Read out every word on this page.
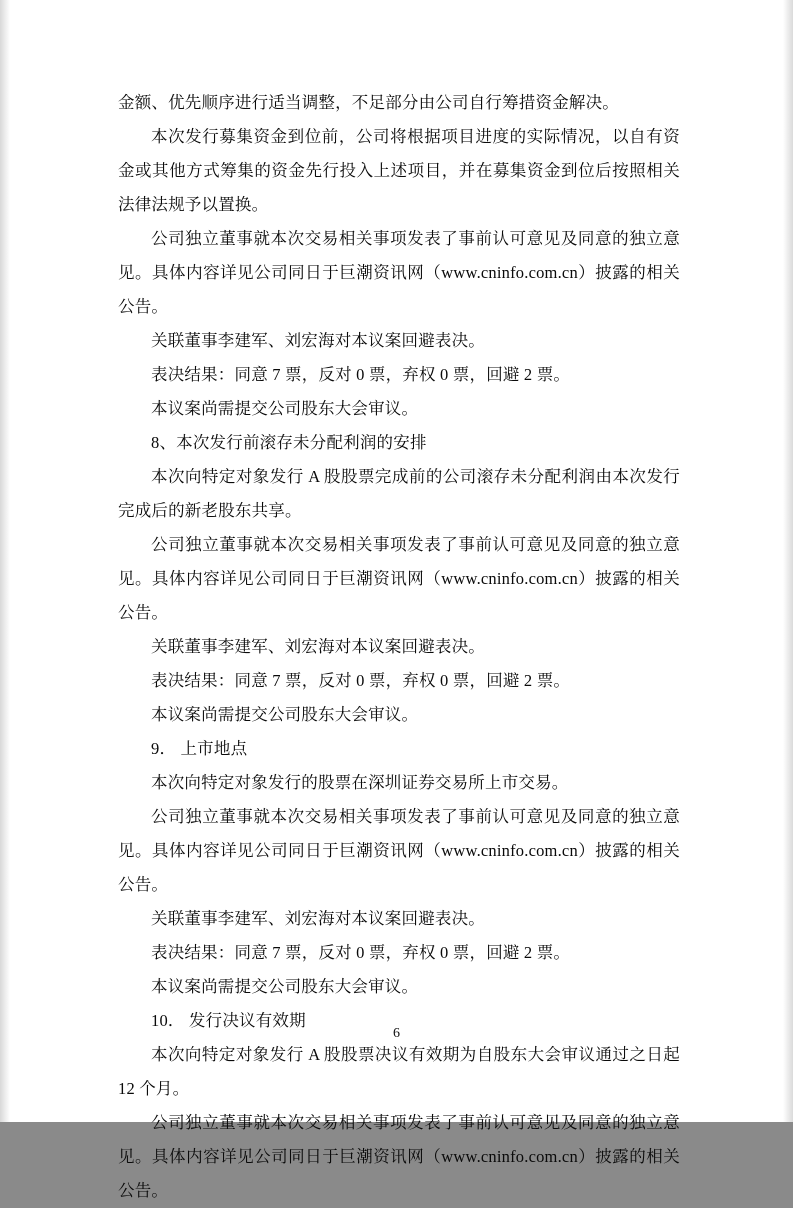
金额、优先顺序进行适当调整，不足部分由公司自行筹措资金解决。

本次发行募集资金到位前，公司将根据项目进度的实际情况，以自有资金或其他方式筹集的资金先行投入上述项目，并在募集资金到位后按照相关法律法规予以置换。

公司独立董事就本次交易相关事项发表了事前认可意见及同意的独立意见。具体内容详见公司同日于巨潮资讯网（www.cninfo.com.cn）披露的相关公告。

关联董事李建军、刘宏海对本议案回避表决。

表决结果：同意 7 票，反对 0 票，弃权 0 票，回避 2 票。

本议案尚需提交公司股东大会审议。

8、本次发行前滚存未分配利润的安排

本次向特定对象发行 A 股股票完成前的公司滚存未分配利润由本次发行完成后的新老股东共享。

公司独立董事就本次交易相关事项发表了事前认可意见及同意的独立意见。具体内容详见公司同日于巨潮资讯网（www.cninfo.com.cn）披露的相关公告。

关联董事李建军、刘宏海对本议案回避表决。

表决结果：同意 7 票，反对 0 票，弃权 0 票，回避 2 票。

本议案尚需提交公司股东大会审议。

9． 上市地点

本次向特定对象发行的股票在深圳证券交易所上市交易。

公司独立董事就本次交易相关事项发表了事前认可意见及同意的独立意见。具体内容详见公司同日于巨潮资讯网（www.cninfo.com.cn）披露的相关公告。

关联董事李建军、刘宏海对本议案回避表决。

表决结果：同意 7 票，反对 0 票，弃权 0 票，回避 2 票。

本议案尚需提交公司股东大会审议。

10． 发行决议有效期

本次向特定对象发行 A 股股票决议有效期为自股东大会审议通过之日起 12 个月。

公司独立董事就本次交易相关事项发表了事前认可意见及同意的独立意见。具体内容详见公司同日于巨潮资讯网（www.cninfo.com.cn）披露的相关公告。

6
